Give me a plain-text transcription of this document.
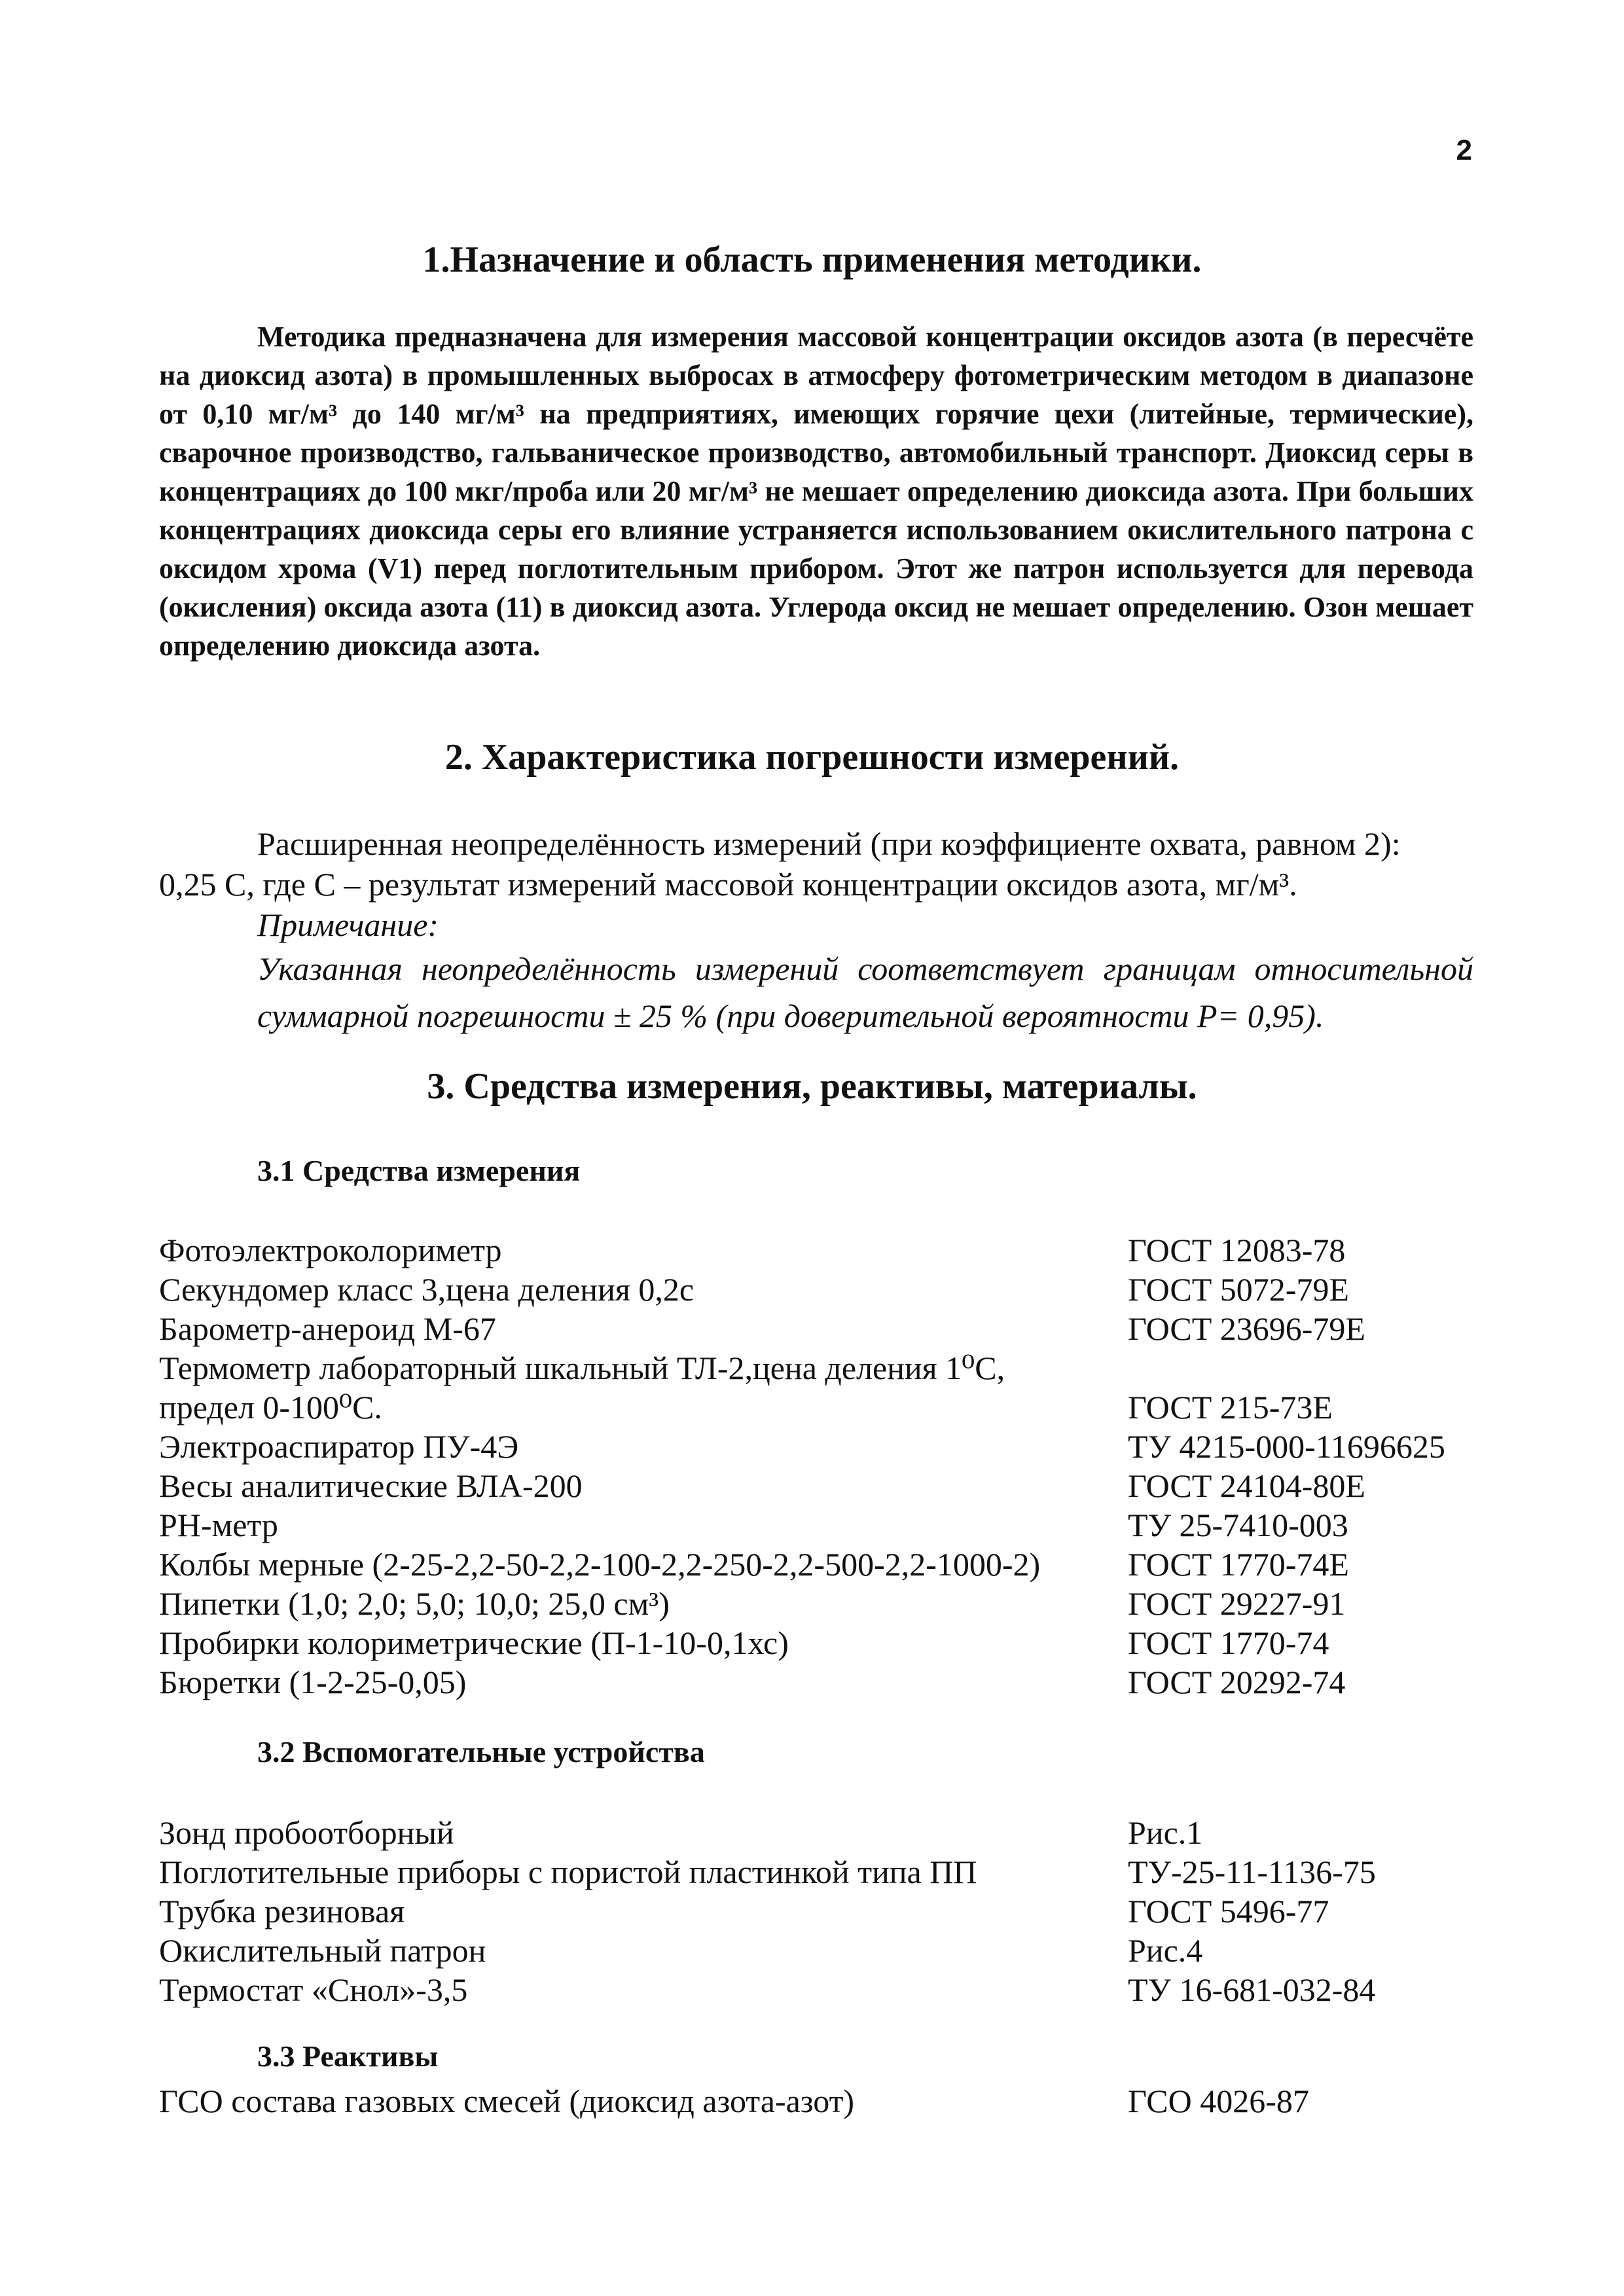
2
1.Назначение и область применения методики.

Методика предназначена для измерения массовой концентрации оксидов азота (в пересчёте на диоксид азота) в промышленных выбросах в атмосферу фотометрическим методом в диапазоне от 0,10 мг/м³ до 140 мг/м³ на предприятиях, имеющих горячие цехи (литейные, термические), сварочное производство, гальваническое производство, автомобильный транспорт. Диоксид серы в концентрациях до 100 мкг/проба или 20 мг/м³ не мешает определению диоксида азота. При больших концентрациях диоксида серы его влияние устраняется использованием окислительного патрона с оксидом хрома (V1) перед поглотительным прибором. Этот же патрон используется для перевода (окисления) оксида азота (11) в диоксид азота. Углерода оксид не мешает определению. Озон мешает определению диоксида азота.

2. Характеристика погрешности измерений.

Расширенная неопределённость измерений (при коэффициенте охвата, равном 2):

0,25 С, где С – результат измерений массовой концентрации оксидов азота, мг/м³.

Примечание:

Указанная неопределённость измерений соответствует границам относительной суммарной погрешности ± 25 % (при доверительной вероятности Р= 0,95).

3. Средства измерения, реактивы, материалы.
3.1 Средства измерения
Фотоэлектроколориметр	ГОСТ 12083-78
Секундомер класс 3,цена деления 0,2с	ГОСТ 5072-79Е
Барометр-анероид М-67	ГОСТ 23696-79Е
Термометр лабораторный шкальный ТЛ-2,цена деления 1⁰С,
предел 0-100⁰С.	ГОСТ 215-73Е
Электроаспиратор ПУ-4Э	ТУ 4215-000-11696625
Весы аналитические ВЛА-200	ГОСТ 24104-80Е
РН-метр	ТУ 25-7410-003
Колбы мерные (2-25-2,2-50-2,2-100-2,2-250-2,2-500-2,2-1000-2)	ГОСТ 1770-74Е
Пипетки (1,0; 2,0; 5,0; 10,0; 25,0 см³)	ГОСТ 29227-91
Пробирки колориметрические (П-1-10-0,1хс)	ГОСТ 1770-74
Бюретки (1-2-25-0,05)	ГОСТ 20292-74
3.2 Вспомогательные устройства
Зонд пробоотборный	Рис.1
Поглотительные приборы с пористой пластинкой типа ПП	ТУ-25-11-1136-75
Трубка резиновая	ГОСТ 5496-77
Окислительный патрон	Рис.4
Термостат «Снол»-3,5	ТУ 16-681-032-84
3.3 Реактивы
ГСО состава газовых смесей (диоксид азота-азот)	ГСО 4026-87
